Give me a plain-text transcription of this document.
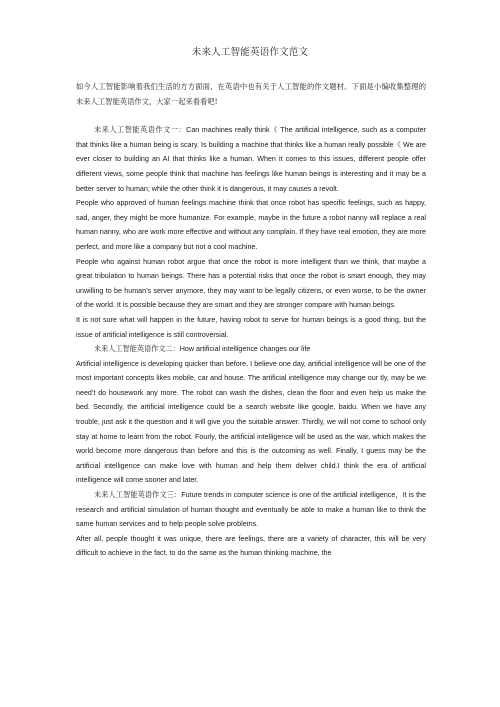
未来人工智能英语作文范文

如今人工智能影响着我们生活的方方面面，在英语中也有关于人工智能的作文题材。下面是小编收集整理的未来人工智能英语作文，大家一起来看看吧!

未来人工智能英语作文一：Can machines really think《 The artificial intelligence, such as a computer that thinks like a human being is scary. Is building a machine that thinks like a human really possible《 We are ever closer to building an AI that thinks like a human. When it comes to this issues, different people offer different views, some people think that machine has feelings like human beings is interesting and it may be a better server to human; while the other think it is dangerous, it may causes a revolt.

People who approved of human feelings machine think that once robot has specific feelings, such as happy, sad, anger, they might be more humanize. For example, maybe in the future a robot nanny will replace a real human nanny, who are work more effective and without any complain. If they have real emotion, they are more perfect, and more like a company but not a cool machine.

People who against human robot argue that once the robot is more intelligent than we think, that maybe a great tribulation to human beings. There has a potential risks that once the robot is smart enough, they may unwilling to be human’s server anymore, they may want to be legally citizens, or even worse, to be the owner of the world. It is possible because they are smart and they are stronger compare with human beings.

It is not sure what will happen in the future, having robot to serve for human beings is a good thing, but the issue of artificial intelligence is still controversial.

未来人工智能英语作文二：How artificial intelligence changes our life

Artificial intelligence is developing quicker than before. I believe one day, artificial intelligence will be one of the most important concepts likes mobile, car and house. The artificial intelligence may change our tly, may be we need’t do housework any more. The robot can wash the dishes, clean the floor and even help us make the bed. Secondly, the artificial intelligence could be a search website like google, baidu. When we have any trouble, just ask it the question and it will give you the suitable answer. Thirdly, we will not come to school only stay at home to learn from the robot. Fourly, the artificial intelligence will be used as the war, which makes the world become more dangerous than before and this is the outcoming as well. Finally, I guess may be the artificial intelligence can make love with human and help them deliver child.I think the era of artificial intelligence will come sooner and later.

未来人工智能英语作文三：Future trends in computer science is one of the artificial intelligence，It is the research and artificial simulation of human thought and eventually be able to make a human like to think the same human services and to help people solve problems.

After all, people thought it was unique, there are feelings, there are a variety of character, this will be very difficult to achieve in the fact, to do the same as the human thinking machine, the
